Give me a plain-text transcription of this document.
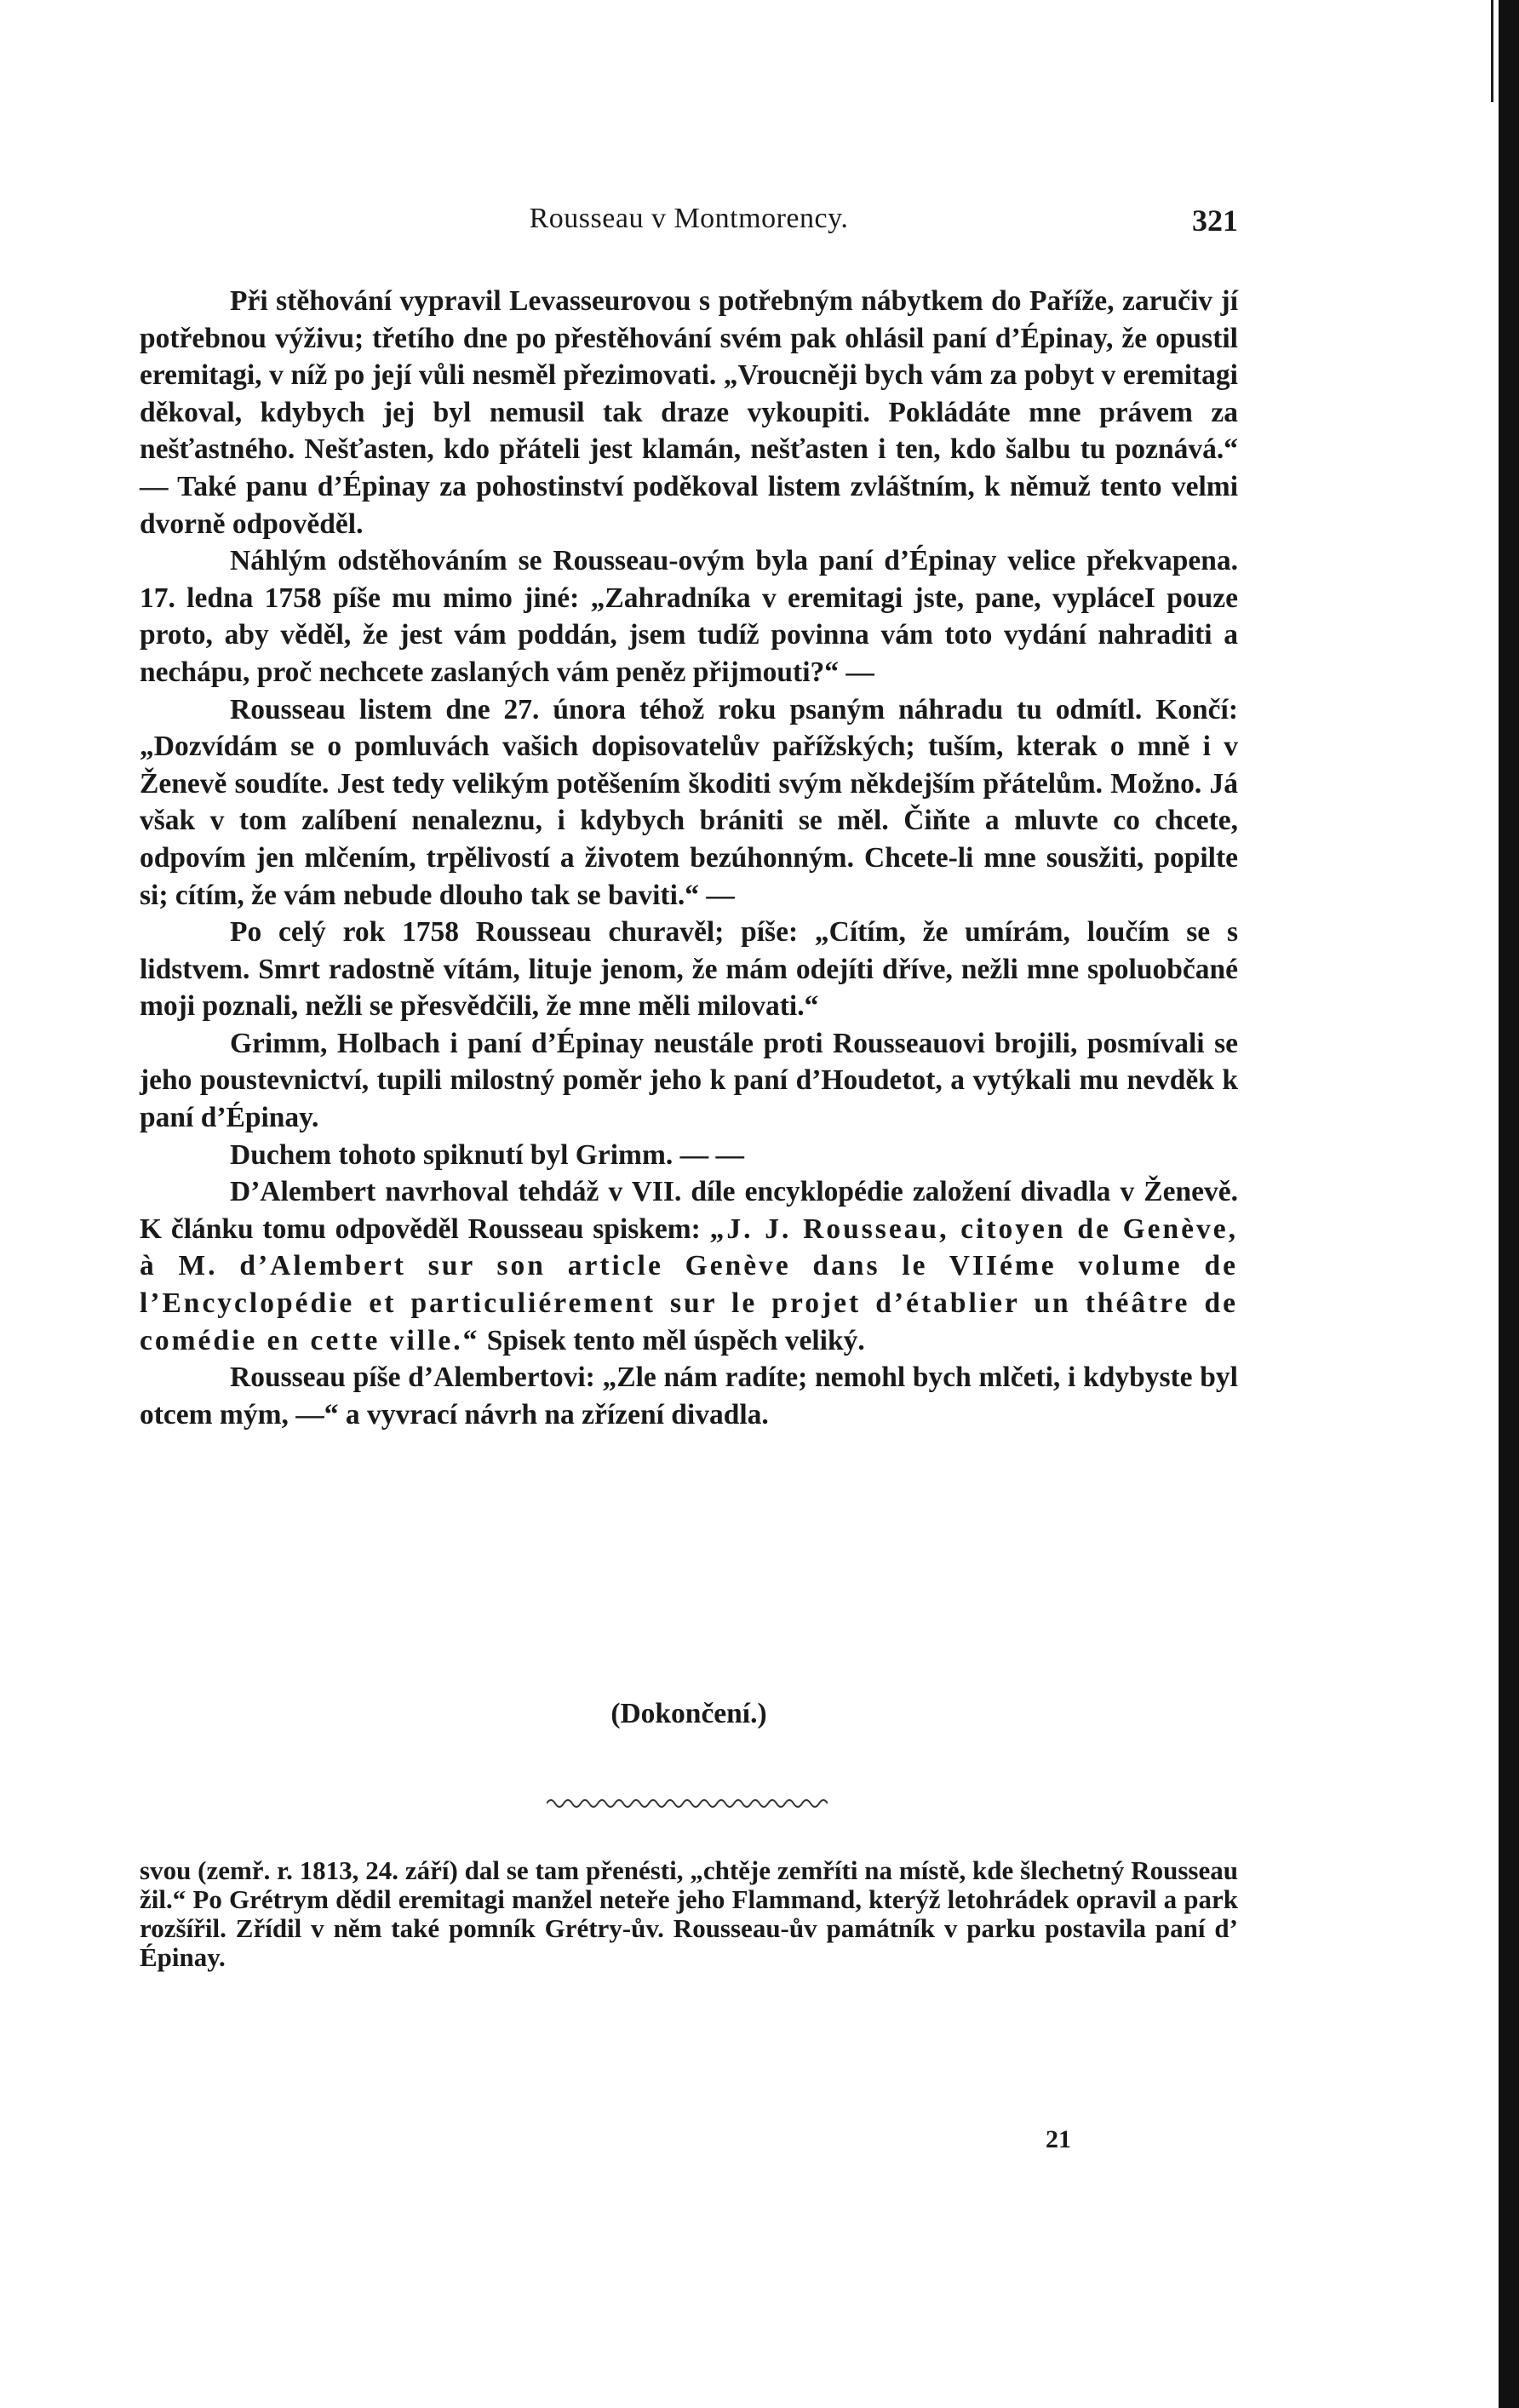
Rousseau v Montmorency.	321

Při stěhování vypravil Levasseurovou s potřebným nábytkem do Paříže, zaručiv jí potřebnou výživu; třetího dne po přestěhování svém pak ohlásil paní d’Épinay, že opustil eremitagi, v níž po její vůli nesměl přezimovati. „Vroucněji bych vám za pobyt v eremitagi děkoval, kdybych jej byl nemusil tak draze vykoupiti. Pokládáte mne právem za nešťastného. Nešťasten, kdo přáteli jest klamán, nešťasten i ten, kdo šalbu tu poznává.“ — Také panu d’Épinay za pohostinství poděkoval listem zvláštním, k němuž tento velmi dvorně odpověděl.

Náhlým odstěhováním se Rousseau-ovým byla paní d’Épinay velice překvapena. 17. ledna 1758 píše mu mimo jiné: „Zahradníka v eremitagi jste, pane, vypláceI pouze proto, aby věděl, že jest vám poddán, jsem tudíž povinna vám toto vydání nahraditi a nechápu, proč nechcete zaslaných vám peněz přijmouti?“ —

Rousseau listem dne 27. února téhož roku psaným náhradu tu odmítl. Končí: „Dozvídám se o pomluvách vašich dopisovatelův pařížských; tuším, kterak o mně i v Ženevě soudíte. Jest tedy velikým potěšením škoditi svým někdejším přátelům. Možno. Já však v tom zalíbení nenaleznu, i kdybych brániti se měl. Čiňte a mluvte co chcete, odpovím jen mlčením, trpělivostí a životem bezúhonným. Chcete-li mne sousžiti, popilte si; cítím, že vám nebude dlouho tak se baviti.“ —

Po celý rok 1758 Rousseau churavěl; píše: „Cítím, že umírám, loučím se s lidstvem. Smrt radostně vítám, lituje jenom, že mám odejíti dříve, nežli mne spoluobčané moji poznali, nežli se přesvědčili, že mne měli milovati.“

Grimm, Holbach i paní d’Épinay neustále proti Rousseauovi brojili, posmívali se jeho poustevnictví, tupili milostný poměr jeho k paní d’Houdetot, a vytýkali mu nevděk k paní d’Épinay.

Duchem tohoto spiknutí byl Grimm. — —

D’Alembert navrhoval tehdáž v VII. díle encyklopédie založení divadla v Ženevě. K článku tomu odpověděl Rousseau spiskem: „J. J. Rousseau, citoyen de Genève, à M. d’Alembert sur son article Genève dans le VIIéme volume de l’Encyclopédie et particuliérement sur le projet d’établier un théâtre de comédie en cette ville.“ Spisek tento měl úspěch veliký.

Rousseau píše d’Alembertovi: „Zle nám radíte; nemohl bych mlčeti, i kdybyste byl otcem mým, —“ a vyvrací návrh na zřízení divadla.

(Dokončení.)

svou (zemř. r. 1813, 24. září) dal se tam přenésti, „chtěje zemříti na místě, kde šlechetný Rousseau žil.“ Po Grétrym dědil eremitagi manžel neteře jeho Flammand, kterýž letohrádek opravil a park rozšířil. Zřídil v něm také pomník Grétry-ův. Rousseau-ův památník v parku postavila paní d’ Épinay.

21
